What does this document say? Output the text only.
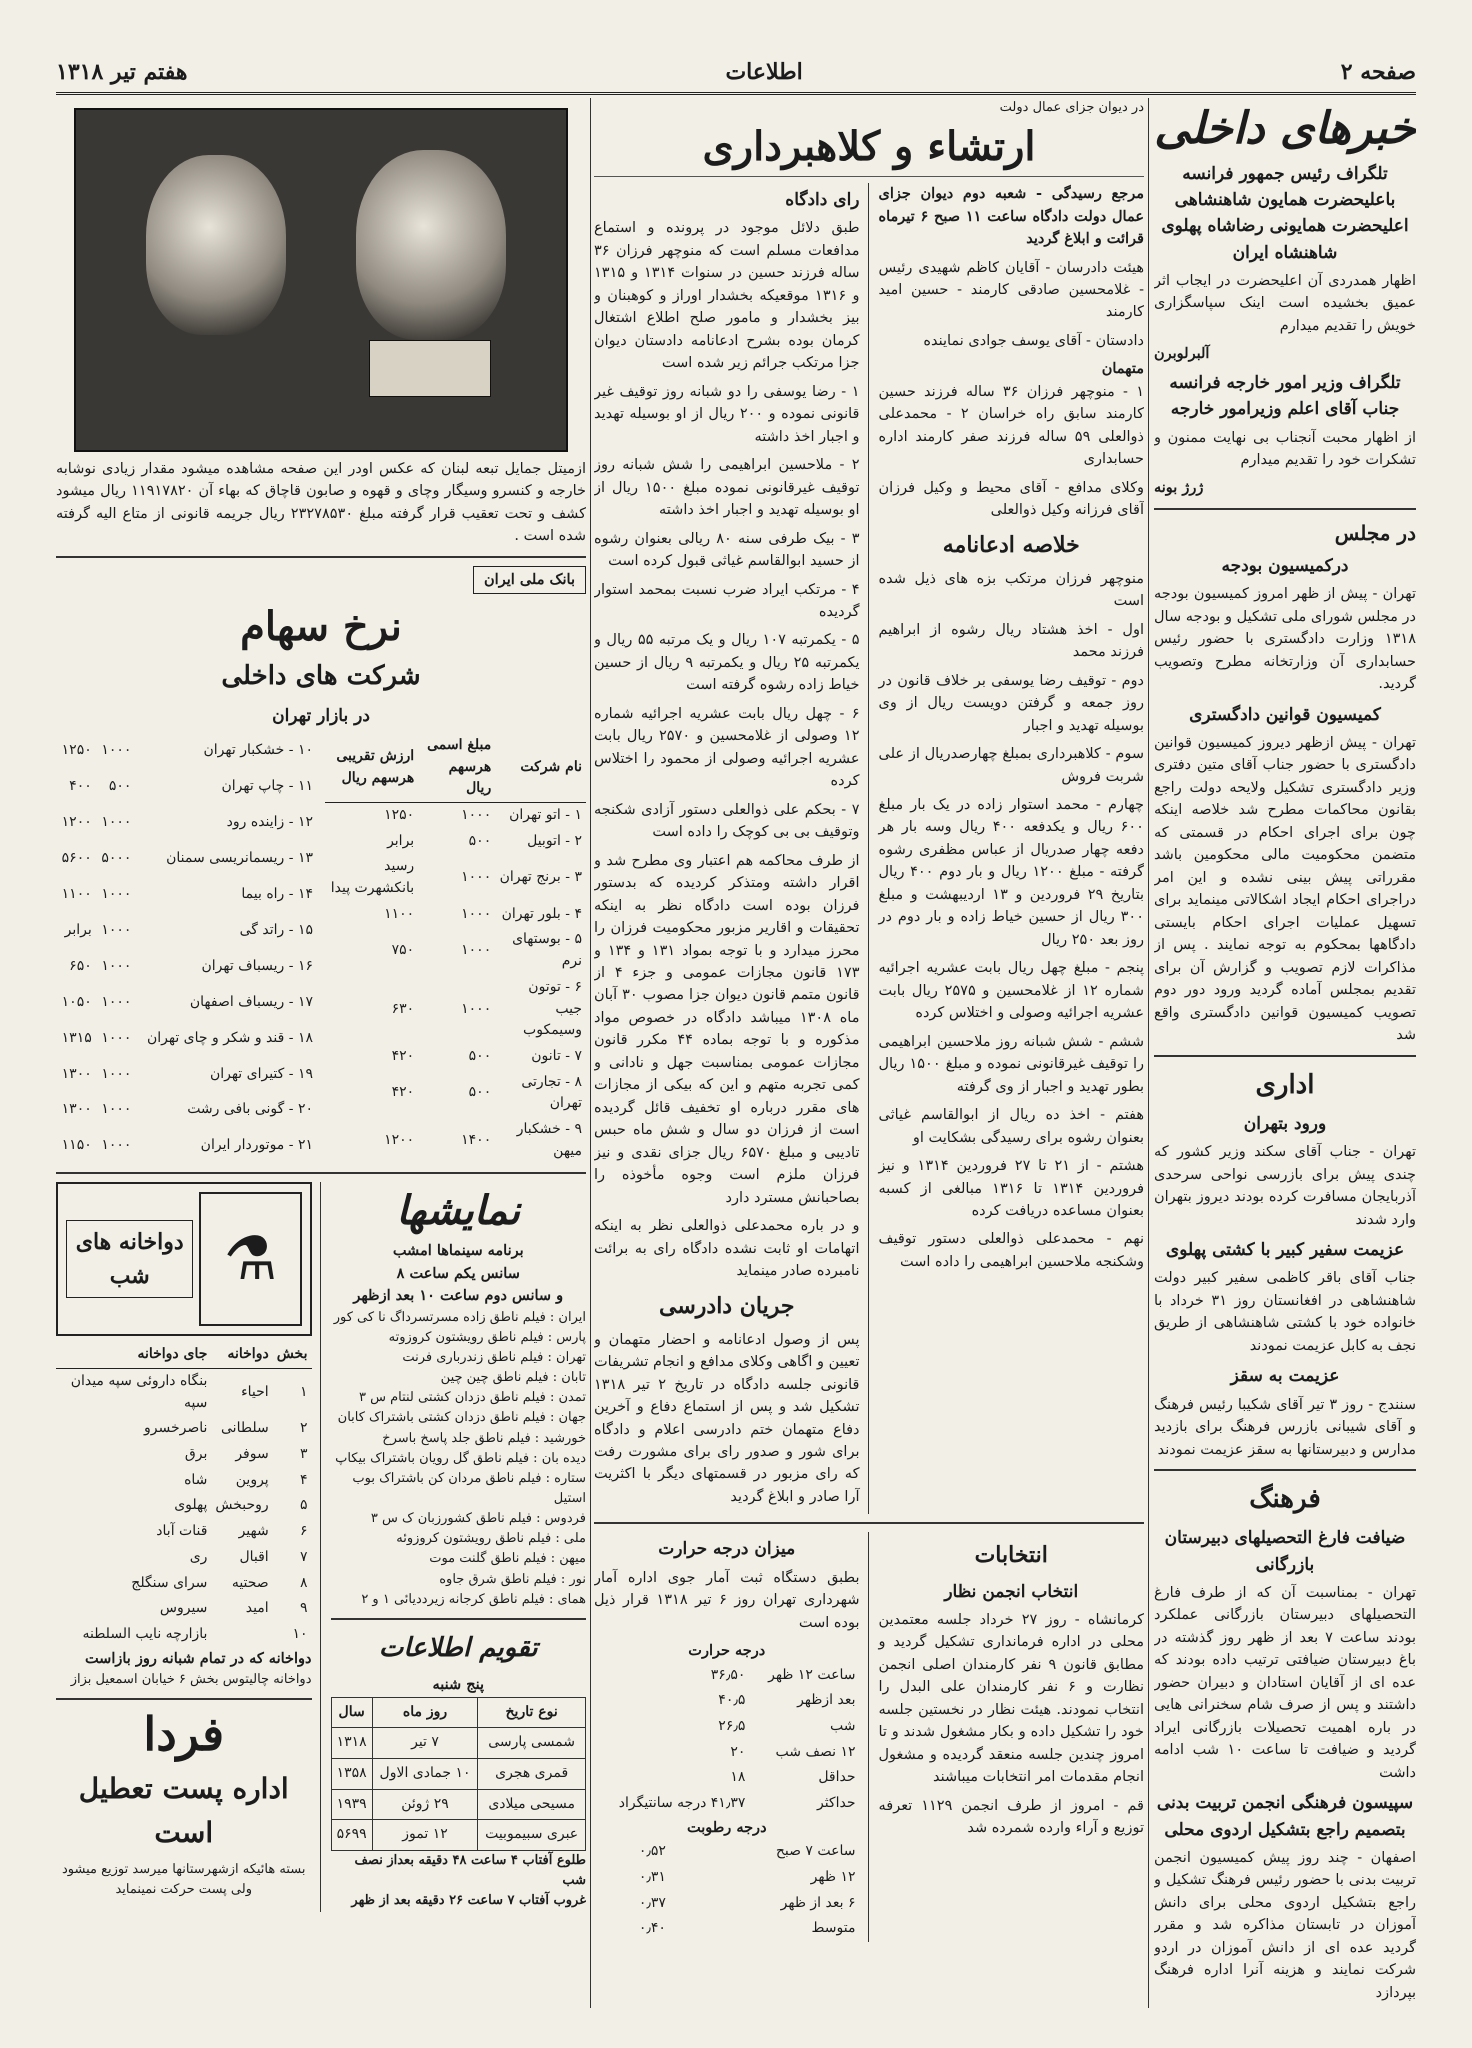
صفحه ۲
اطلاعات
هفتم تیر ۱۳۱۸
خبرهای داخلی
تلگراف رئیس جمهور فرانسه باعلیحضرت همایون شاهنشاهی اعلیحضرت همایونی رضاشاه پهلوی شاهنشاه ایران

اظهار همدردی آن اعلیحضرت در ایجاب اثر عمیق بخشیده است اینک سپاسگزاری خویش را تقدیم میدارم

آلبرلوبرن
تلگراف وزیر امور خارجه فرانسه جناب آقای اعلم وزیرامور خارجه

از اظهار محبت آنجناب بی نهایت ممنون و تشکرات خود را تقدیم میدارم

ژرژ بونه
در مجلس
درکمیسیون بودجه

تهران - پیش از ظهر امروز کمیسیون بودجه در مجلس شورای ملی تشکیل و بودجه سال ۱۳۱۸ وزارت دادگستری با حضور رئیس حسابداری آن وزارتخانه مطرح وتصویب گردید.

کمیسیون قوانین دادگستری

تهران - پیش ازظهر دیروز کمیسیون قوانین دادگستری با حضور جناب آقای متین دفتری وزیر دادگستری تشکیل ولایحه دولت راجع بقانون محاکمات مطرح شد خلاصه اینکه چون برای اجرای احکام در قسمتی که متضمن محکومیت مالی محکومین باشد مقرراتی پیش بینی نشده و این امر دراجرای احکام ایجاد اشکالاتی مینماید برای تسهیل عملیات اجرای احکام بایستی دادگاهها بمحکوم به توجه نمایند . پس از مذاکرات لازم تصویب و گزارش آن برای تقدیم بمجلس آماده گردید ورود دور دوم تصویب کمیسیون قوانین دادگستری واقع شد

اداری
ورود بتهران

تهران - جناب آقای سکند وزیر کشور که چندی پیش برای بازرسی نواحی سرحدی آذربایجان مسافرت کرده بودند دیروز بتهران وارد شدند

عزیمت سفیر کبیر با کشتی پهلوی

جناب آقای باقر کاظمی سفیر کبیر دولت شاهنشاهی در افغانستان روز ۳۱ خرداد با خانواده خود با کشتی شاهنشاهی از طریق نجف به کابل عزیمت نمودند

عزیمت به سقز

سنندج - روز ۳ تیر آقای شکیبا رئیس فرهنگ و آقای شیبانی بازرس فرهنگ برای بازدید مدارس و دبیرستانها به سقز عزیمت نمودند

فرهنگ
ضیافت فارغ التحصیلهای دبیرستان بازرگانی

تهران - بمناسبت آن که از طرف فارغ التحصیلهای دبیرستان بازرگانی عملکرد بودند ساعت ۷ بعد از ظهر روز گذشته در باغ دبیرستان ضیافتی ترتیب داده بودند که عده ای از آقایان استادان و دبیران حضور داشتند و پس از صرف شام سخنرانی هایی در باره اهمیت تحصیلات بازرگانی ایراد گردید و ضیافت تا ساعت ۱۰ شب ادامه داشت

سپیسون فرهنگی انجمن تربیت بدنی بتصمیم راجع بتشکیل اردوی محلی

اصفهان - چند روز پیش کمیسیون انجمن تربیت بدنی با حضور رئیس فرهنگ تشکیل و راجع بتشکیل اردوی محلی برای دانش آموزان در تابستان مذاکره شد و مقرر گردید عده ای از دانش آموزان در اردو شرکت نمایند و هزینه آنرا اداره فرهنگ بپردازد

در دیوان جزای عمال دولت
ارتشاء و کلاهبرداری

مرجع رسیدگی - شعبه دوم دیوان جزای عمال دولت دادگاه ساعت ۱۱ صبح ۶ تیرماه قرائت و ابلاغ گردید

هیئت دادرسان - آقایان کاظم شهیدی رئیس - غلامحسین صادقی کارمند - حسین امید کارمند

دادستان - آقای یوسف جوادی نماینده

متهمان

۱ - منوچهر فرزان ۳۶ ساله فرزند حسین کارمند سابق راه خراسان ۲ - محمدعلی ذوالعلی ۵۹ ساله فرزند صفر کارمند اداره حسابداری

وکلای مدافع - آقای محیط و وکیل فرزان آقای فرزانه وکیل ذوالعلی

خلاصه ادعانامه

منوچهر فرزان مرتکب بزه های ذیل شده است

اول - اخذ هشتاد ریال رشوه از ابراهیم فرزند محمد

دوم - توقیف رضا یوسفی بر خلاف قانون در روز جمعه و گرفتن دویست ریال از وی بوسیله تهدید و اجبار

سوم - کلاهبرداری بمبلغ چهارصدریال از علی شربت فروش

چهارم - محمد استوار زاده در یک بار مبلغ ۶۰۰ ریال و یکدفعه ۴۰۰ ریال وسه بار هر دفعه چهار صدریال از عباس مظفری رشوه گرفته - مبلغ ۱۲۰۰ ریال و بار دوم ۴۰۰ ریال بتاریخ ۲۹ فروردین و ۱۳ اردیبهشت و مبلغ ۳۰۰ ریال از حسین خیاط زاده و بار دوم در روز بعد ۲۵۰ ریال

پنجم - مبلغ چهل ریال بابت عشریه اجرائیه شماره ۱۲ از غلامحسین و ۲۵۷۵ ریال بابت عشریه اجرائیه وصولی و اختلاس کرده

ششم - شش شبانه روز ملاحسین ابراهیمی را توقیف غیرقانونی نموده و مبلغ ۱۵۰۰ ریال بطور تهدید و اجبار از وی گرفته

هفتم - اخذ ده ریال از ابوالقاسم غیاثی بعنوان رشوه برای رسیدگی بشکایت او

هشتم - از ۲۱ تا ۲۷ فروردین ۱۳۱۴ و نیز فروردین ۱۳۱۴ تا ۱۳۱۶ مبالغی از کسبه بعنوان مساعده دریافت کرده

نهم - محمدعلی ذوالعلی دستور توقیف وشکنجه ملاحسین ابراهیمی را داده است

رای دادگاه

طبق دلائل موجود در پرونده و استماع مدافعات مسلم است که منوچهر فرزان ۳۶ ساله فرزند حسین در سنوات ۱۳۱۴ و ۱۳۱۵ و ۱۳۱۶ موقعیکه بخشدار اوراز و کوهبنان و بیز بخشدار و مامور صلح اطلاع اشتغال کرمان بوده بشرح ادعانامه دادستان دیوان جزا مرتکب جرائم زیر شده است

۱ - رضا یوسفی را دو شبانه روز توقیف غیر قانونی نموده و ۲۰۰ ریال از او بوسیله تهدید و اجبار اخذ داشته

۲ - ملاحسین ابراهیمی را شش شبانه روز توقیف غیرقانونی نموده مبلغ ۱۵۰۰ ریال از او بوسیله تهدید و اجبار اخذ داشته

۳ - بیک طرفی سنه ۸۰ ریالی بعنوان رشوه از حسید ابوالقاسم غیاثی قبول کرده است

۴ - مرتکب ایراد ضرب نسبت بمحمد استوار گردیده

۵ - یکمرتبه ۱۰۷ ریال و یک مرتبه ۵۵ ریال و یکمرتبه ۲۵ ریال و یکمرتبه ۹ ریال از حسین خیاط زاده رشوه گرفته است

۶ - چهل ریال بابت عشریه اجرائیه شماره ۱۲ وصولی از غلامحسین و ۲۵۷۰ ریال بابت عشریه اجرائیه وصولی از محمود را اختلاس کرده

۷ - بحکم علی ذوالعلی دستور آزادی شکنجه وتوقیف بی بی کوچک را داده است

از طرف محاکمه هم اعتبار وی مطرح شد و اقرار داشته ومتذکر کردیده که بدستور فرزان بوده است دادگاه نظر به اینکه تحقیقات و اقاریر مزبور محکومیت فرزان را محرز میدارد و با توجه بمواد ۱۳۱ و ۱۳۴ و ۱۷۳ قانون مجازات عمومی و جزء ۴ از قانون متمم قانون دیوان جزا مصوب ۳۰ آبان ماه ۱۳۰۸ میباشد دادگاه در خصوص مواد مذکوره و با توجه بماده ۴۴ مکرر قانون مجازات عمومی بمناسبت جهل و نادانی و کمی تجربه متهم و این که بیکی از مجازات های مقرر درباره او تخفیف قائل گردیده است از فرزان دو سال و شش ماه حبس تادیبی و مبلغ ۶۵۷۰ ریال جزای نقدی و نیز فرزان ملزم است وجوه مأخوذه را بصاحبانش مسترد دارد

و در باره محمدعلی ذوالعلی نظر به اینکه اتهامات او ثابت نشده دادگاه رای به برائت نامبرده صادر مینماید

جریان دادرسی

پس از وصول ادعانامه و احضار متهمان و تعیین و اگاهی وکلای مدافع و انجام تشریفات قانونی جلسه دادگاه در تاریخ ۲ تیر ۱۳۱۸ تشکیل شد و پس از استماع دفاع و آخرین دفاع متهمان ختم دادرسی اعلام و دادگاه برای شور و صدور رای برای مشورت رفت که رای مزبور در قسمتهای دیگر با اکثریت آرا صادر و ابلاغ گردید

انتخابات
انتخاب انجمن نظار

کرمانشاه - روز ۲۷ خرداد جلسه معتمدین محلی در اداره فرمانداری تشکیل گردید و مطابق قانون ۹ نفر کارمندان اصلی انجمن نظارت و ۶ نفر کارمندان علی البدل را انتخاب نمودند. هیئت نظار در نخستین جلسه خود را تشکیل داده و بکار مشغول شدند و تا امروز چندین جلسه منعقد گردیده و مشغول انجام مقدمات امر انتخابات میباشند

قم - امروز از طرف انجمن ۱۱۲۹ تعرفه توزیع و آراء وارده شمرده شد

میزان درجه حرارت

بطبق دستگاه ثبت آمار جوی اداره آمار شهرداری تهران روز ۶ تیر ۱۳۱۸ قرار ذیل بوده است

درجه حرارت
ساعت ۱۲ ظهر	۳۶٫۵۰
بعد ازظهر	۴۰٫۵
شب	۲۶٫۵
۱۲ نصف شب	۲۰
حداقل	۱۸
حداکثر	۴۱٫۳۷ درجه سانتیگراد
درجه رطوبت
ساعت ۷ صبح	۰٫۵۲
۱۲ ظهر	۰٫۳۱
۶ بعد از ظهر	۰٫۳۷
متوسط	۰٫۴۰

ازمیتل جمایل تبعه لبنان که عکس اودر این صفحه مشاهده میشود مقدار زیادی نوشابه خارجه و کنسرو وسیگار وچای و قهوه و صابون قاچاق که بهاء آن ۱۱۹۱۷۸۲۰ ریال میشود کشف و تحت تعقیب قرار گرفته مبلغ ۲۳۲۷۸۵۳۰ ریال جریمه قانونی از متاع الیه گرفته شده است .

بانک ملی ایران
نرخ سهام
شرکت های داخلی
در بازار تهران
نام شرکت	مبلغ اسمی هرسهم ریال	ارزش تقریبی هرسهم ریال
۱ - اتو تهران	۱۰۰۰	۱۲۵۰
۲ - اتوبیل	۵۰۰	برابر
۳ - برنج تهران	۱۰۰۰	رسید بانکشهرت پیدا
۴ - بلور تهران	۱۰۰۰	۱۱۰۰
۵ - بوستهای نرم	۱۰۰۰	۷۵۰
۶ - توتون جیب وسیمکوب	۱۰۰۰	۶۳۰
۷ - تانون	۵۰۰	۴۲۰
۸ - تجارتی تهران	۵۰۰	۴۲۰
۹ - خشکبار میهن	۱۴۰۰	۱۲۰۰
۱۰ - خشکبار تهران	۱۰۰۰	۱۲۵۰
۱۱ - چاپ تهران	۵۰۰	۴۰۰
۱۲ - زاینده رود	۱۰۰۰	۱۲۰۰
۱۳ - ریسمانریسی سمنان	۵۰۰۰	۵۶۰۰
۱۴ - راه بیما	۱۰۰۰	۱۱۰۰
۱۵ - راتد گی	۱۰۰۰	برابر
۱۶ - ریسباف تهران	۱۰۰۰	۶۵۰
۱۷ - ریسباف اصفهان	۱۰۰۰	۱۰۵۰
۱۸ - قند و شکر و چای تهران	۱۰۰۰	۱۳۱۵
۱۹ - کتیرای تهران	۱۰۰۰	۱۳۰۰
۲۰ - گونی بافی رشت	۱۰۰۰	۱۳۰۰
۲۱ - موتوردار ایران	۱۰۰۰	۱۱۵۰
نمایشها
برنامه سینماها امشب
سانس یکم ساعت ۸
و سانس دوم ساعت ۱۰ بعد ازظهر
ایران : فیلم ناطق زاده مسرتسرداگ نا کی کور
پارس : فیلم ناطق رویشتون کروزوته
تهران : فیلم ناطق زندرباری فرنت
تابان : فیلم ناطق چین چین
تمدن : فیلم ناطق دزدان کشتی لنتام س ۳
جهان : فیلم ناطق دزدان کشتی باشتراک کابان
خورشید : فیلم ناطق جلد پاسخ باسرخ
دیده بان : فیلم ناطق گل رویان باشتراک بیکاپ
ستاره : فیلم ناطق مردان کن باشتراک بوب استیل
فردوس : فیلم ناطق کشورزبان ک س ۳
ملی : فیلم ناطق رویشتون کروزوئه
میهن : فیلم ناطق گلنت موت
نور : فیلم ناطق شرق جاوه
همای : فیلم ناطق کرجانه زیرددیائی ۱ و ۲
تقویم اطلاعات
پنج شنبه
نوع تاریخ	روز ماه	سال
شمسی پارسی	۷ تیر	۱۳۱۸
قمری هجری	۱۰ جمادی الاول	۱۳۵۸
مسیحی میلادی	۲۹ ژوئن	۱۹۳۹
عبری سبیموبیت	۱۲ تموز	۵۶۹۹
طلوع آفتاب ۴ ساعت ۴۸ دقیقه بعداز نصف شب
غروب آفتاب ۷ ساعت ۲۶ دقیقه بعد از ظهر
⚗
دواخانه های شب
بخش	دواخانه	جای دواخانه
۱	احیاء	بنگاه داروئی سپه میدان سپه
۲	سلطانی	ناصرخسرو
۳	سوفر	برق
۴	پروین	شاه
۵	روحبخش	پهلوی
۶	شهیر	قنات آباد
۷	اقبال	ری
۸	صحتیه	سرای سنگلج
۹	امید	سیروس
۱۰		بازارچه نایب السلطنه
دواخانه که در تمام شبانه روز بازاست
دواخانه چالیتوس بخش ۶ خیابان اسمعیل بزاز
فردا
اداره پست تعطیل است

بسته هائیکه ازشهرستانها میرسد توزیع میشود ولی پست حرکت نمینماید
